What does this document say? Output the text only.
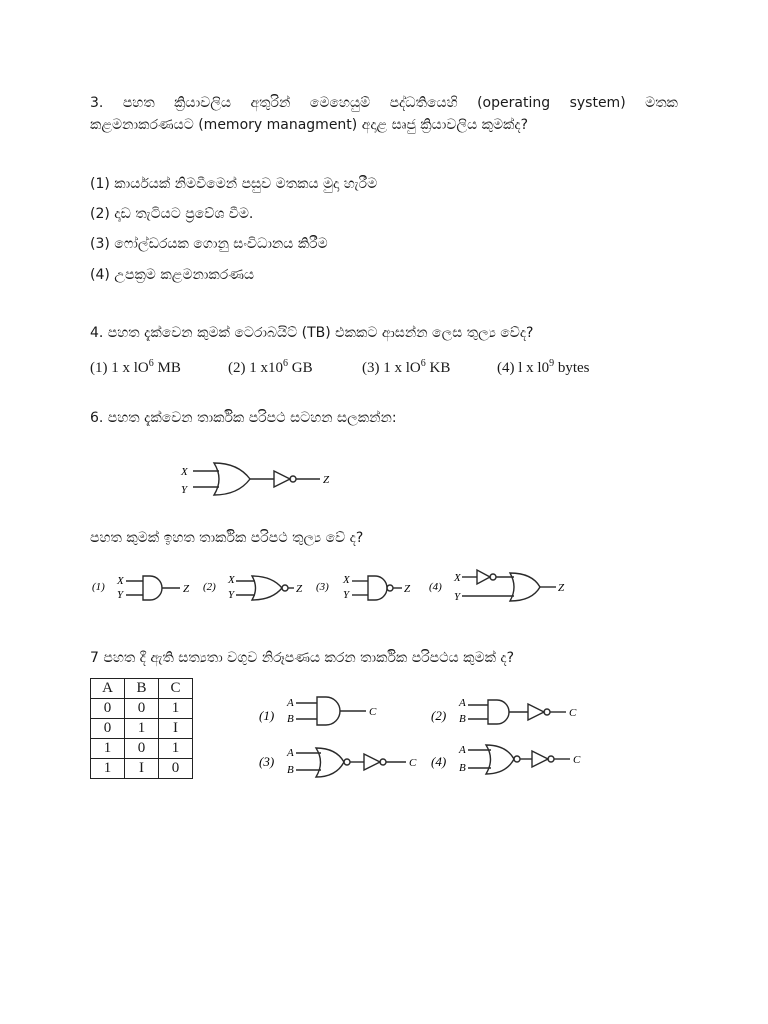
3. පහත ක්‍රියාවලිය අතුරින් මෙහෙයුම් පද්ධතියෙහි (operating system) මතක
කළමනාකරණයට (memory managment) අදාළ සෘජු ක්‍රියාවලිය කුමක්ද?
(1) කාර්යයක් නිමවීමෙන් පසුව මතකය මුදා හැරීම
(2) දෘඩ තැටියට ප්‍රවේශ වීම.
(3) ෆෝල්ඩරයක ගොනු සංවිධානය කිරීම
(4) උපක්‍රම කළමනාකරණය
4. පහත දැක්වෙන කුමක් ටෙරාබයිට් (TB) එකකට ආසන්න ලෙස තුල්‍ය වේද?
(1) 1 x $lO^6$ MB	(2) 1 $x10^6$ GB	(3) 1 x $lO^6$ KB	(4) l x $l0^9$ bytes
6. පහත දැක්වෙන තාර්කික පරිපථ සටහන සලකන්න:
X
Y
Z
පහත කුමක් ඉහත තාර්කික පරිපථ තුල්‍ය වේ ද?
(1) X
Y	Z (2)
X
Y	Z (3)
X
Y	Z (4)
X
Y
Z
7 පහත දී ඇති සත්‍යතා වගුව නිරූපණය කරන තාර්කික පරිපථය කුමක් ද?
A	B	C
0	0	1
0	1	I
1	0	1
1	I	0
(1)
A
B
C	(2)
A
B	C
(3)
A
B
C (4)
A
B
C
